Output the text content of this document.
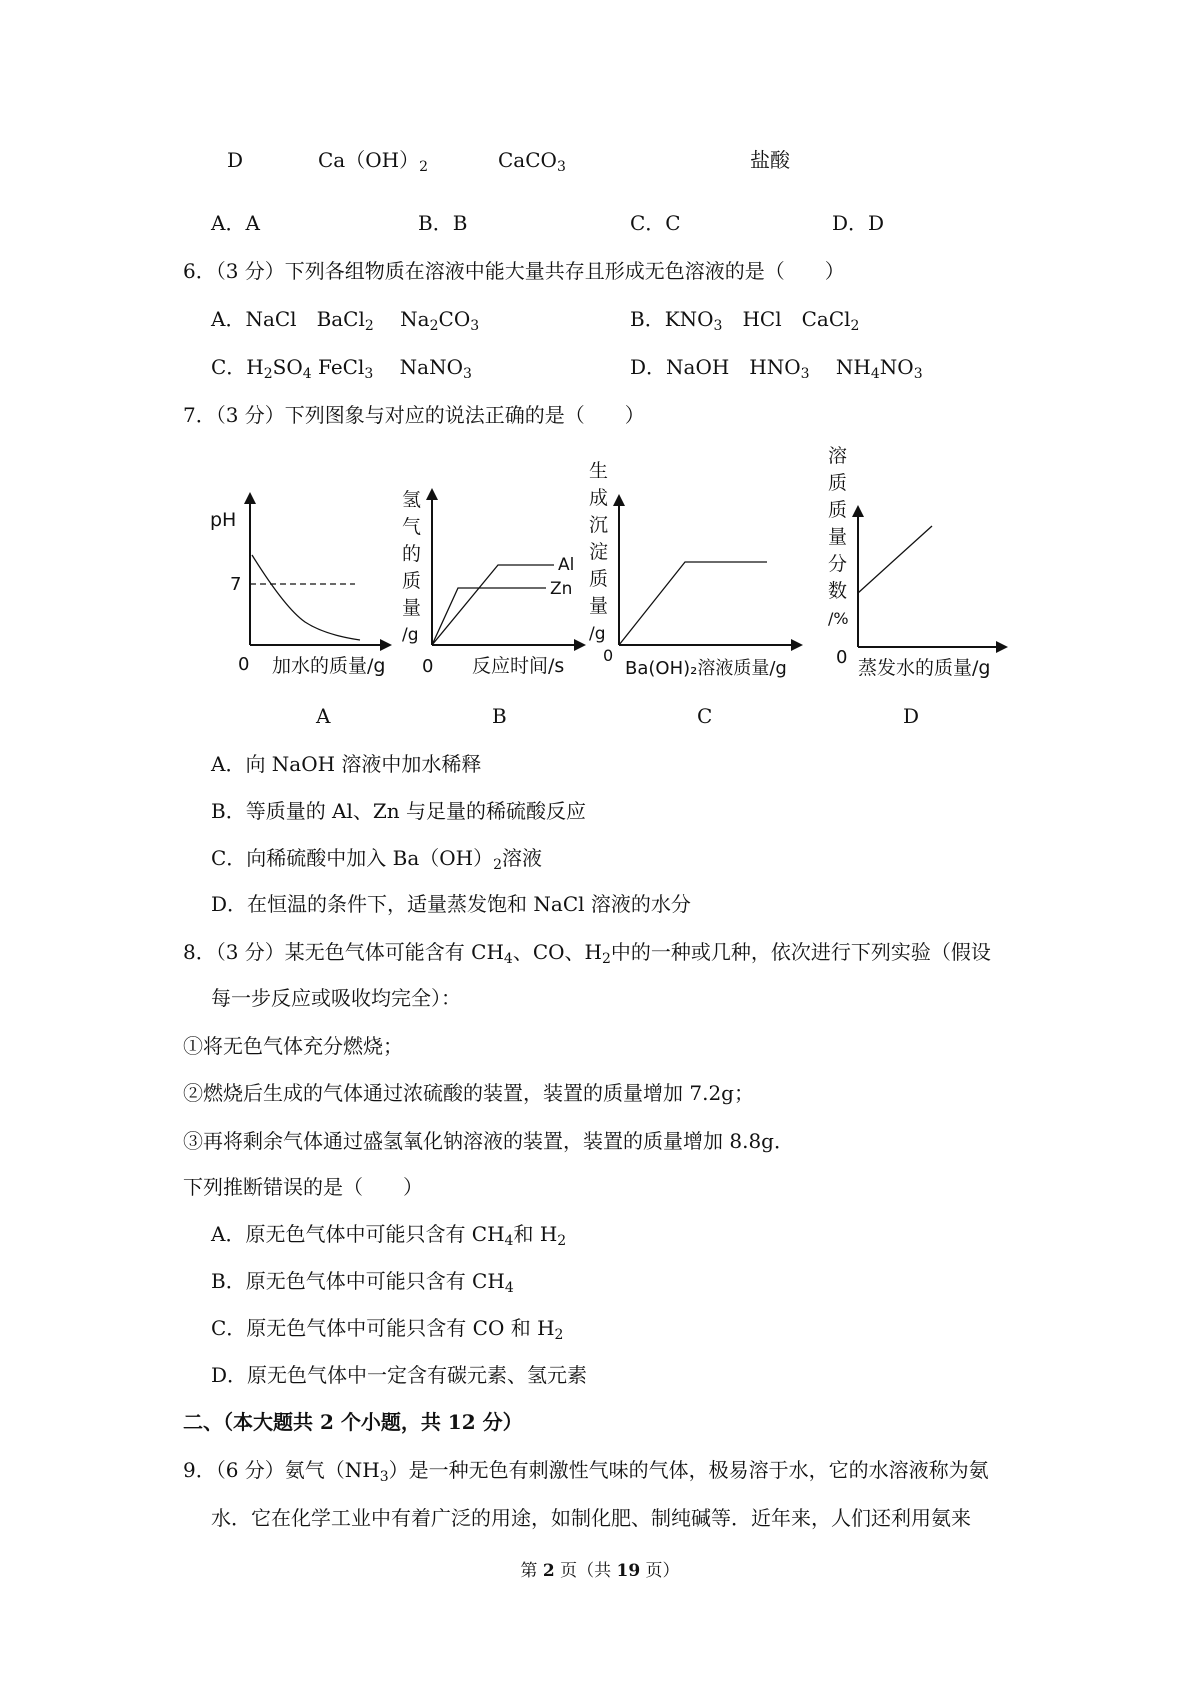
D	$Ca(OH)_2$	CaCO$_3$	盐酸
A．A	B．B	C．C	D．D
6．（3 分）下列各组物质在溶液中能大量共存且形成无色溶液的是（　　）
A．NaCl　BaCl$_2$　 $Na_2CO_3$	B．$KNO_3$　HCl　CaCl$_2$
C．$H_2SO_4$ FeCl$_3$　 NaNO$_3$	D．NaOH　$HNO_3$　 $NH_4NO_3$
7．（3 分）下列图象与对应的说法正确的是（　　）
pH
7
0 加水的质量/g
Al
Zn
氢
气
的
质
量
/g
0 反应时间/s
生
成
沉
淀
质
量
/g
0
Ba(OH)₂溶液质量/g
溶
质
质
量
分
数
/%
0 蒸发水的质量/g
A	B	C	D
A．向 NaOH 溶液中加水稀释
B．等质量的 Al、Zn 与足量的稀硫酸反应
C．向稀硫酸中加入 $Ba(OH)_2$溶液
D．在恒温的条件下，适量蒸发饱和 NaCl 溶液的水分
8．（3 分）某无色气体可能含有 $CH_4$、CO、$H_2$中的一种或几种，依次进行下列实验（假设
每一步反应或吸收均完全）：
①将无色气体充分燃烧；
②燃烧后生成的气体通过浓硫酸的装置，装置的质量增加 7.2g；
③再将剩余气体通过盛氢氧化钠溶液的装置，装置的质量增加 8.8g．
下列推断错误的是（　　）
A．原无色气体中可能只含有 $CH_4$和 $H_2$
B．原无色气体中可能只含有 $CH_4$
C．原无色气体中可能只含有 CO 和 $H_2$
D．原无色气体中一定含有碳元素、氢元素
二、（本大题共 2 个小题，共 12 分）
9．（6 分）氨气$(NH_3)$是一种无色有刺激性气味的气体，极易溶于水，它的水溶液称为氨
水．它在化学工业中有着广泛的用途，如制化肥、制纯碱等．近年来，人们还利用氨来
第 2 页（共 19 页）
